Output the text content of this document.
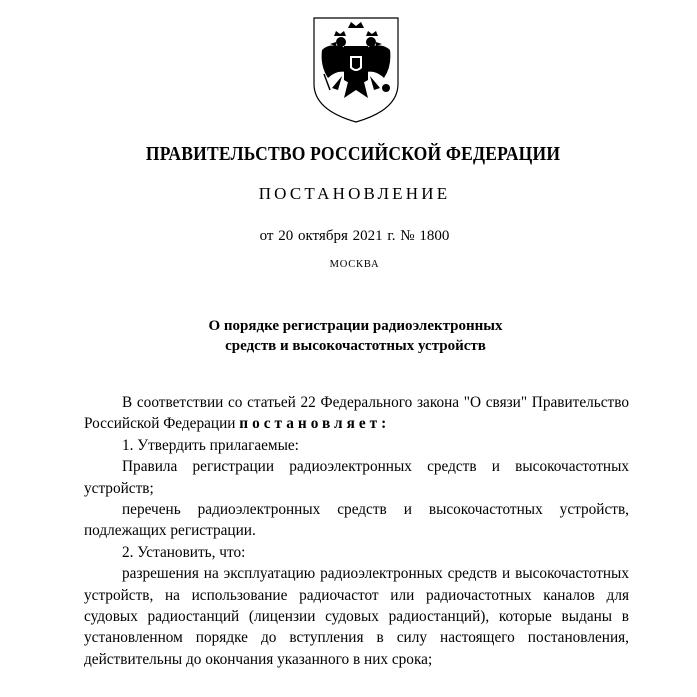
ПРАВИТЕЛЬСТВО РОССИЙСКОЙ ФЕДЕРАЦИИ
ПОСТАНОВЛЕНИЕ
от 20 октября 2021 г. № 1800
МОСКВА
О порядке регистрации радиоэлектронных
средств и высокочастотных устройств

В соответствии со статьей 22 Федерального закона "О связи" Правительство Российской Федерации постановляет:

1. Утвердить прилагаемые:

Правила регистрации радиоэлектронных средств и высокочастотных устройств;

перечень радиоэлектронных средств и высокочастотных устройств, подлежащих регистрации.

2. Установить, что:

разрешения на эксплуатацию радиоэлектронных средств и высокочастотных устройств, на использование радиочастот или радиочастотных каналов для судовых радиостанций (лицензии судовых радиостанций), которые выданы в установленном порядке до вступления в силу настоящего постановления, действительны до окончания указанного в них срока;
